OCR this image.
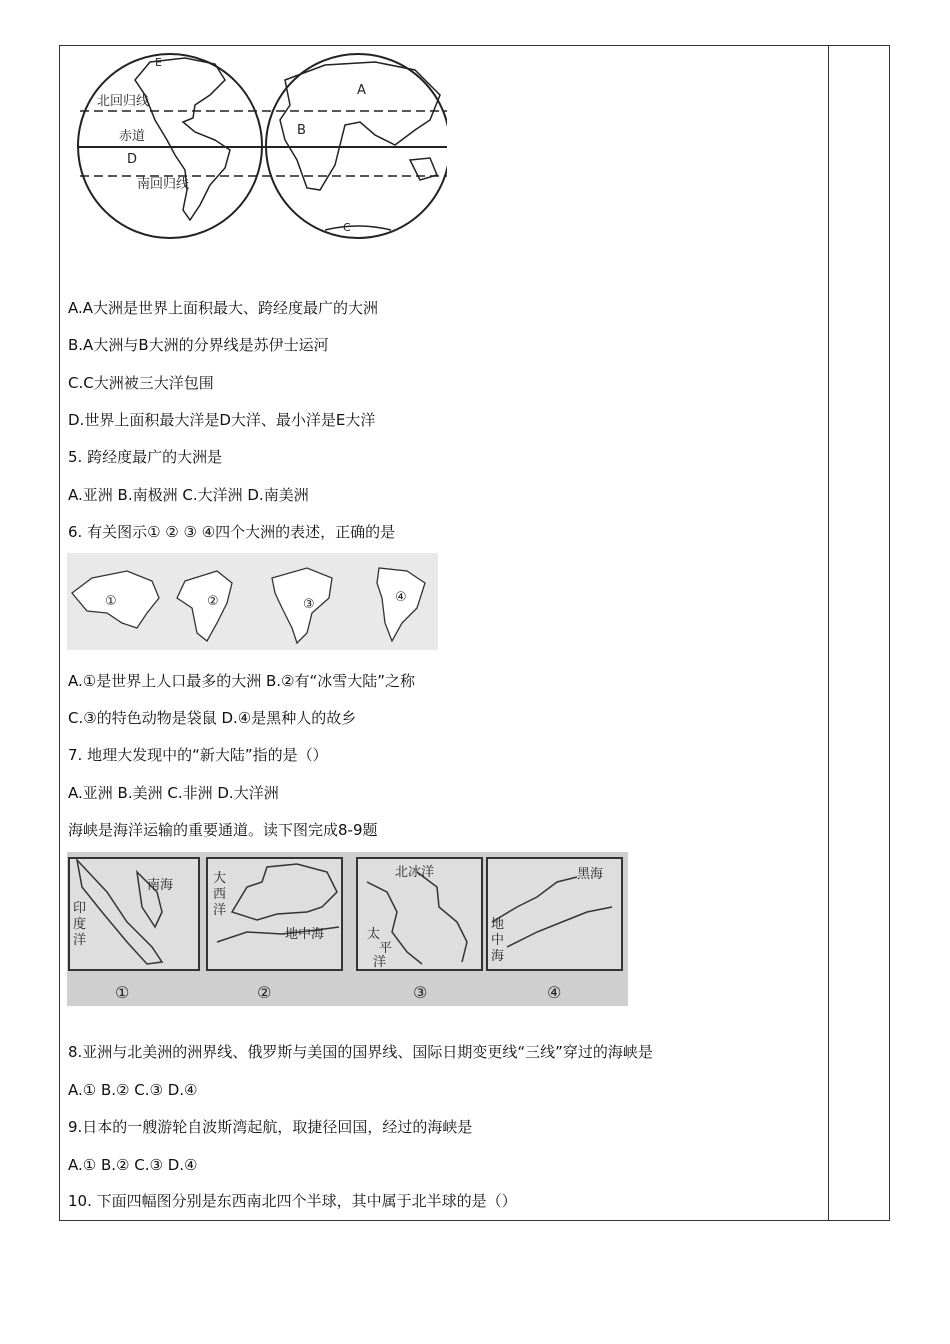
北回归线
赤道
南回归线
D
E
A
B
C
A.A大洲是世界上面积最大、跨经度最广的大洲
B.A大洲与B大洲的分界线是苏伊士运河
C.C大洲被三大洋包围
D.世界上面积最大洋是D大洋、最小洋是E大洋
5. 跨经度最广的大洲是
A.亚洲 B.南极洲 C.大洋洲 D.南美洲
6. 有关图示① ② ③ ④四个大洲的表述，正确的是
①	②	③	④
A.①是世界上人口最多的大洲 B.②有“冰雪大陆”之称
C.③的特色动物是袋鼠 D.④是黑种人的故乡
7. 地理大发现中的“新大陆”指的是（）
A.亚洲 B.美洲 C.非洲 D.大洋洲
海峡是海洋运输的重要通道。读下图完成8-9题
南海
印
度
洋
①
大
西
洋
地中海
②
北冰洋
太
平
洋
③
黑海
地
中
海
④
8.亚洲与北美洲的洲界线、俄罗斯与美国的国界线、国际日期变更线“三线”穿过的海峡是
A.① B.② C.③ D.④
9.日本的一艘游轮自波斯湾起航，取捷径回国，经过的海峡是
A.① B.② C.③ D.④
10. 下面四幅图分别是东西南北四个半球，其中属于北半球的是（）
